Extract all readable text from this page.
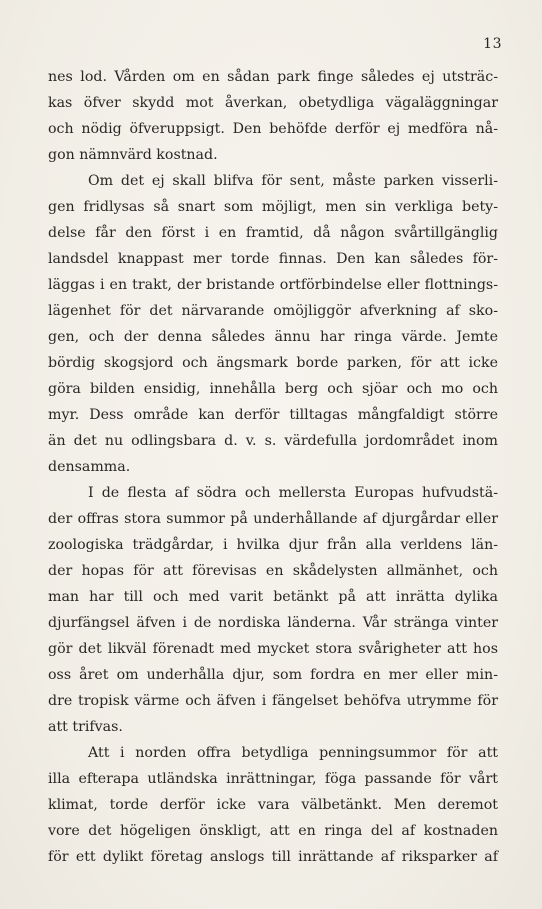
13
nes lod. Vården om en sådan park finge således ej utsträc-
kas öfver skydd mot åverkan, obetydliga vägaläggningar
och nödig öfveruppsigt. Den behöfde derför ej medföra nå-
gon nämnvärd kostnad.
Om det ej skall blifva för sent, måste parken visserli-
gen fridlysas så snart som möjligt, men sin verkliga bety-
delse får den först i en framtid, då någon svårtillgänglig
landsdel knappast mer torde finnas. Den kan således för-
läggas i en trakt, der bristande ortförbindelse eller flottnings-
lägenhet för det närvarande omöjliggör afverkning af sko-
gen, och der denna således ännu har ringa värde. Jemte
bördig skogsjord och ängsmark borde parken, för att icke
göra bilden ensidig, innehålla berg och sjöar och mo och
myr. Dess område kan derför tilltagas mångfaldigt större
än det nu odlingsbara d. v. s. värdefulla jordområdet inom
densamma.
I de flesta af södra och mellersta Europas hufvudstä-
der offras stora summor på underhållande af djurgårdar eller
zoologiska trädgårdar, i hvilka djur från alla verldens län-
der hopas för att förevisas en skådelysten allmänhet, och
man har till och med varit betänkt på att inrätta dylika
djurfängsel äfven i de nordiska länderna. Vår stränga vinter
gör det likväl förenadt med mycket stora svårigheter att hos
oss året om underhålla djur, som fordra en mer eller min-
dre tropisk värme och äfven i fängelset behöfva utrymme för
att trifvas.
Att i norden offra betydliga penningsummor för att
illa efterapa utländska inrättningar, föga passande för vårt
klimat, torde derför icke vara välbetänkt. Men deremot
vore det högeligen önskligt, att en ringa del af kostnaden
för ett dylikt företag anslogs till inrättande af riksparker af
